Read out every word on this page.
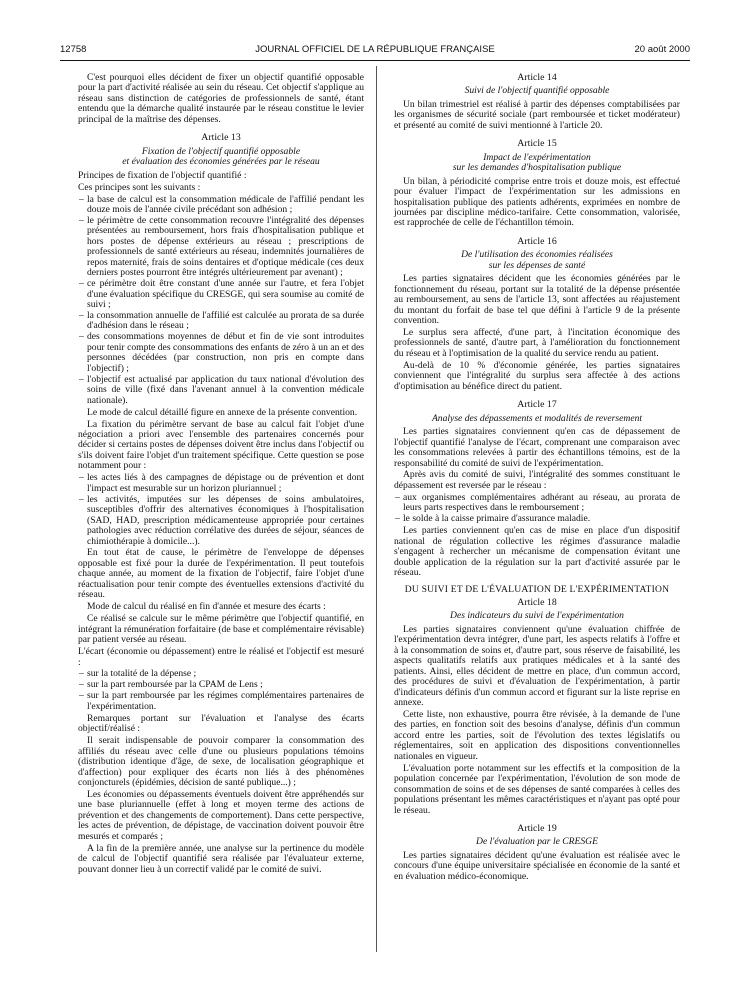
12758	JOURNAL OFFICIEL DE LA RÉPUBLIQUE FRANÇAISE	20 août 2000

C'est pourquoi elles décident de fixer un objectif quantifié opposable pour la part d'activité réalisée au sein du réseau. Cet objectif s'applique au réseau sans distinction de catégories de professionnels de santé, étant entendu que la démarche qualité instaurée par le réseau constitue le levier principal de la maîtrise des dépenses.

Article 13
Fixation de l'objectif quantifié opposable
et évaluation des économies générées par le réseau

Principes de fixation de l'objectif quantifié :

Ces principes sont les suivants :

– la base de calcul est la consommation médicale de l'affilié pendant les douze mois de l'année civile précédant son adhésion ;
– le périmètre de cette consommation recouvre l'intégralité des dépenses présentées au remboursement, hors frais d'hospitalisation publique et hors postes de dépense extérieurs au réseau ; prescriptions de professionnels de santé extérieurs au réseau, indemnités journalières de repos maternité, frais de soins dentaires et d'optique médicale (ces deux derniers postes pourront être intégrés ultérieurement par avenant) ;
– ce périmètre doit être constant d'une année sur l'autre, et fera l'objet d'une évaluation spécifique du CRESGE, qui sera soumise au comité de suivi ;
– la consommation annuelle de l'affilié est calculée au prorata de sa durée d'adhésion dans le réseau ;
– des consommations moyennes de début et fin de vie sont introduites pour tenir compte des consommations des enfants de zéro à un an et des personnes décédées (par construction, non pris en compte dans l'objectif) ;
– l'objectif est actualisé par application du taux national d'évolution des soins de ville (fixé dans l'avenant annuel à la convention médicale nationale).

Le mode de calcul détaillé figure en annexe de la présente convention.

La fixation du périmètre servant de base au calcul fait l'objet d'une négociation a priori avec l'ensemble des partenaires concernés pour décider si certains postes de dépenses doivent être inclus dans l'objectif ou s'ils doivent faire l'objet d'un traitement spécifique. Cette question se pose notamment pour :

– les actes liés à des campagnes de dépistage ou de prévention et dont l'impact est mesurable sur un horizon pluriannuel ;
– les activités, imputées sur les dépenses de soins ambulatoires, susceptibles d'offrir des alternatives économiques à l'hospitalisation (SAD, HAD, prescription médicamenteuse appropriée pour certaines pathologies avec réduction corrélative des durées de séjour, séances de chimiothérapie à domicile...).

En tout état de cause, le périmètre de l'enveloppe de dépenses opposable est fixé pour la durée de l'expérimentation. Il peut toutefois chaque année, au moment de la fixation de l'objectif, faire l'objet d'une réactualisation pour tenir compte des éventuelles extensions d'activité du réseau.

Mode de calcul du réalisé en fin d'année et mesure des écarts :

Ce réalisé se calcule sur le même périmètre que l'objectif quantifié, en intégrant la rémunération forfaitaire (de base et complémentaire révisable) par patient versée au réseau.

L'écart (économie ou dépassement) entre le réalisé et l'objectif est mesuré :

– sur la totalité de la dépense ;
– sur la part remboursée par la CPAM de Lens ;
– sur la part remboursée par les régimes complémentaires partenaires de l'expérimentation.

Remarques portant sur l'évaluation et l'analyse des écarts objectif/réalisé :

Il serait indispensable de pouvoir comparer la consommation des affiliés du réseau avec celle d'une ou plusieurs populations témoins (distribution identique d'âge, de sexe, de localisation géographique et d'affection) pour expliquer des écarts non liés à des phénomènes conjoncturels (épidémies, décision de santé publique...) ;

Les économies ou dépassements éventuels doivent être appréhendés sur une base pluriannuelle (effet à long et moyen terme des actions de prévention et des changements de comportement). Dans cette perspective, les actes de prévention, de dépistage, de vaccination doivent pouvoir être mesurés et comparés ;

A la fin de la première année, une analyse sur la pertinence du modèle de calcul de l'objectif quantifié sera réalisée par l'évaluateur externe, pouvant donner lieu à un correctif validé par le comité de suivi.

Article 14
Suivi de l'objectif quantifié opposable

Un bilan trimestriel est réalisé à partir des dépenses comptabilisées par les organismes de sécurité sociale (part remboursée et ticket modérateur) et présenté au comité de suivi mentionné à l'article 20.

Article 15
Impact de l'expérimentation
sur les demandes d'hospitalisation publique

Un bilan, à périodicité comprise entre trois et douze mois, est effectué pour évaluer l'impact de l'expérimentation sur les admissions en hospitalisation publique des patients adhérents, exprimées en nombre de journées par discipline médico-tarifaire. Cette consommation, valorisée, est rapprochée de celle de l'échantillon témoin.

Article 16
De l'utilisation des économies réalisées
sur les dépenses de santé

Les parties signataires décident que les économies générées par le fonctionnement du réseau, portant sur la totalité de la dépense présentée au remboursement, au sens de l'article 13, sont affectées au réajustement du montant du forfait de base tel que défini à l'article 9 de la présente convention.

Le surplus sera affecté, d'une part, à l'incitation économique des professionnels de santé, d'autre part, à l'amélioration du fonctionnement du réseau et à l'optimisation de la qualité du service rendu au patient.

Au-delà de 10 % d'économie générée, les parties signataires conviennent que l'intégralité du surplus sera affectée à des actions d'optimisation au bénéfice direct du patient.

Article 17
Analyse des dépassements et modalités de reversement

Les parties signataires conviennent qu'en cas de dépassement de l'objectif quantifié l'analyse de l'écart, comprenant une comparaison avec les consommations relevées à partir des échantillons témoins, est de la responsabilité du comité de suivi de l'expérimentation.

Après avis du comité de suivi, l'intégralité des sommes constituant le dépassement est reversée par le réseau :

– aux organismes complémentaires adhérant au réseau, au prorata de leurs parts respectives dans le remboursement ;
– le solde à la caisse primaire d'assurance maladie.

Les parties conviennent qu'en cas de mise en place d'un dispositif national de régulation collective les régimes d'assurance maladie s'engagent à rechercher un mécanisme de compensation évitant une double application de la régulation sur la part d'activité assurée par le réseau.

DU SUIVI ET DE L'ÉVALUATION DE L'EXPÉRIMENTATION
Article 18
Des indicateurs du suivi de l'expérimentation

Les parties signataires conviennent qu'une évaluation chiffrée de l'expérimentation devra intégrer, d'une part, les aspects relatifs à l'offre et à la consommation de soins et, d'autre part, sous réserve de faisabilité, les aspects qualitatifs relatifs aux pratiques médicales et à la santé des patients. Ainsi, elles décident de mettre en place, d'un commun accord, des procédures de suivi et d'évaluation de l'expérimentation, à partir d'indicateurs définis d'un commun accord et figurant sur la liste reprise en annexe.

Cette liste, non exhaustive, pourra être révisée, à la demande de l'une des parties, en fonction soit des besoins d'analyse, définis d'un commun accord entre les parties, soit de l'évolution des textes législatifs ou réglementaires, soit en application des dispositions conventionnelles nationales en vigueur.

L'évaluation porte notamment sur les effectifs et la composition de la population concernée par l'expérimentation, l'évolution de son mode de consommation de soins et de ses dépenses de santé comparées à celles des populations présentant les mêmes caractéristiques et n'ayant pas opté pour le réseau.

Article 19
De l'évaluation par le CRESGE

Les parties signataires décident qu'une évaluation est réalisée avec le concours d'une équipe universitaire spécialisée en économie de la santé et en évaluation médico-économique.
